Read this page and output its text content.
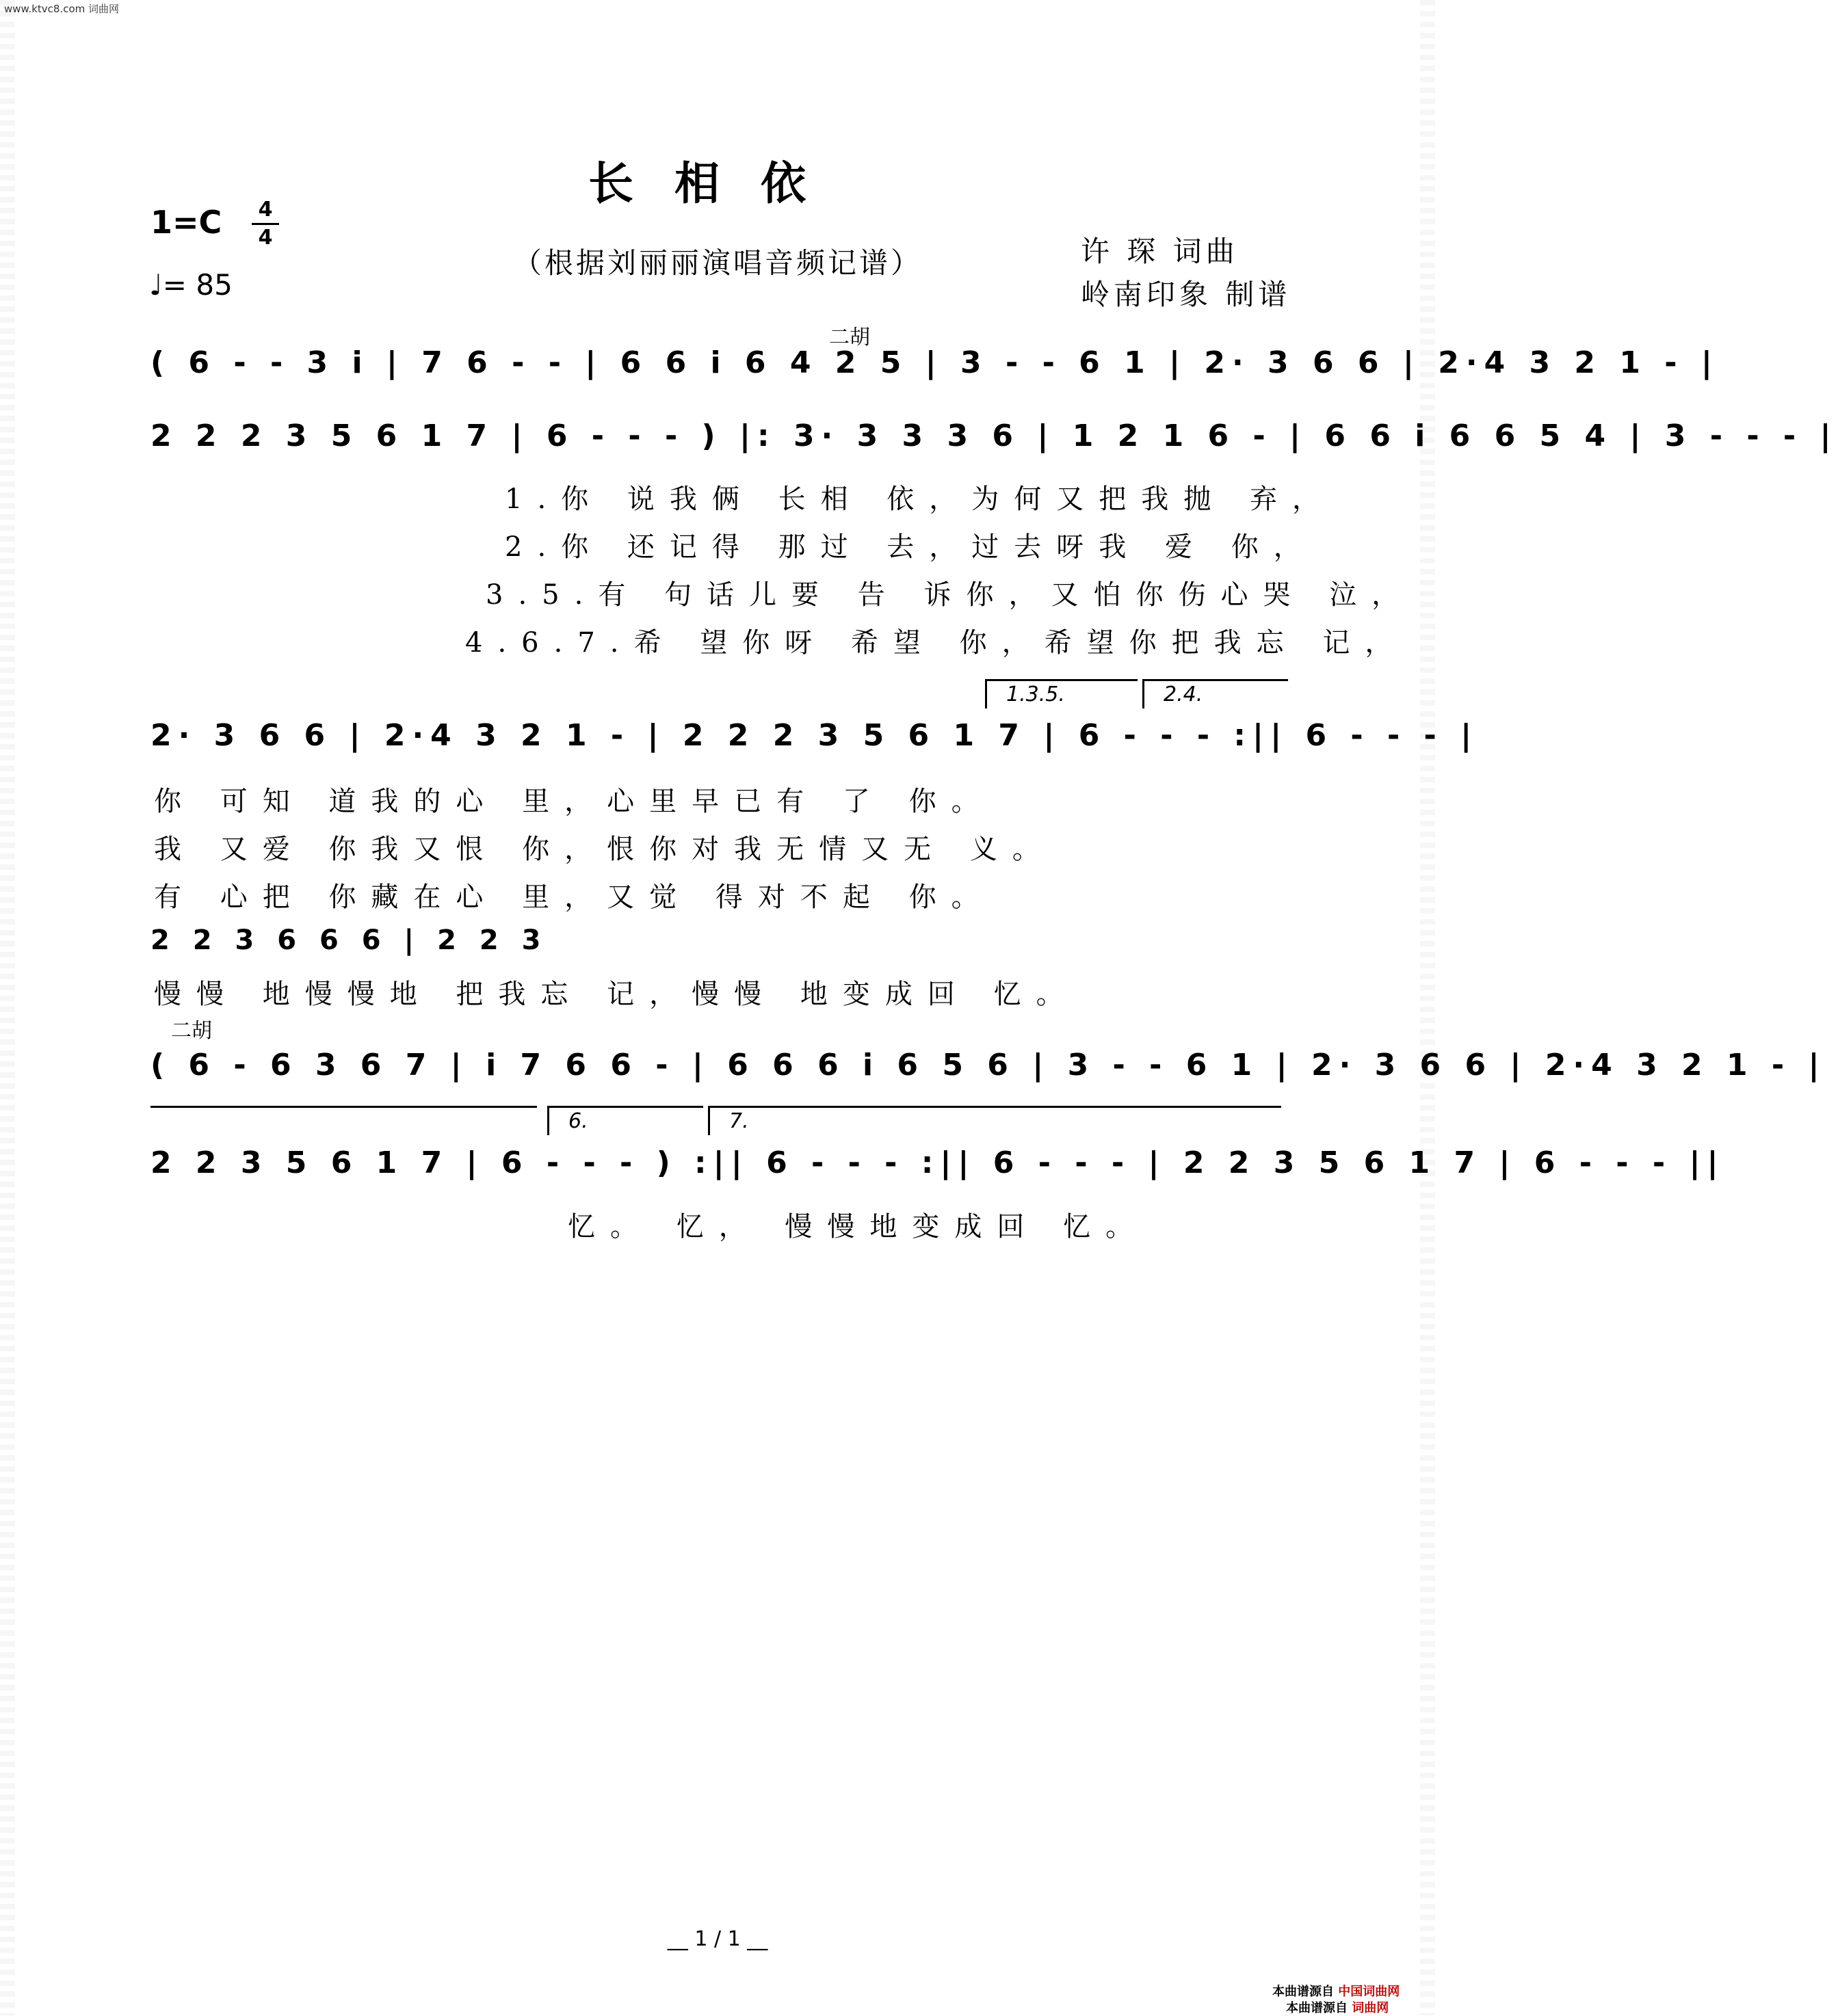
www.ktvc8.com 词曲网
长相依
1=C	4
4
♩= 85
（根据刘丽丽演唱音频记谱）	许 琛 词曲
岭南印象 制谱
二胡
( 6 - - 3 i | 7 6 - - | 6 6 i 6 4 2 5 | 3 - - 6 1 | 2· 3 6 6 | 2·4 3 2 1 - |
2 2 2 3 5 6 1 7 | 6 - - - ) |: 3· 3 3 3 6 | 1 2 1 6 - | 6 6 i 6 6 5 4 | 3 - - - |
1.你 说我俩 长相 依，为何又把我抛 弃，
2.你 还记得 那过 去，过去呀我 爱 你，
3.5.有 句话儿要 告 诉你，又怕你伤心哭 泣，
4.6.7.希 望你呀 希望 你，希望你把我忘 记，
1.3.5.	2.4.
2· 3 6 6 | 2·4 3 2 1 - | 2 2 2 3 5 6 1 7 | 6 - - - :|| 6 - - - |
你 可知 道我的心 里，心里早已有 了 你。
我 又爱 你我又恨 你，恨你对我无情又无 义。
有 心把 你藏在心 里，又觉 得对不起 你。
2 2 3 6 6 6 | 2 2 3
慢慢 地慢慢地 把我忘 记，慢慢 地变成回 忆。
二胡
( 6 - 6 3 6 7 | i 7 6 6 - | 6 6 6 i 6 5 6 | 3 - - 6 1 | 2· 3 6 6 | 2·4 3 2 1 - |
6.	7.
2 2 3 5 6 1 7 | 6 - - - ) :|| 6 - - - :|| 6 - - - | 2 2 3 5 6 1 7 | 6 - - - ||
忆。 忆， 慢慢地变成回 忆。
__ 1 / 1 __
本曲谱源自 中国词曲网
本曲谱源自 词曲网
